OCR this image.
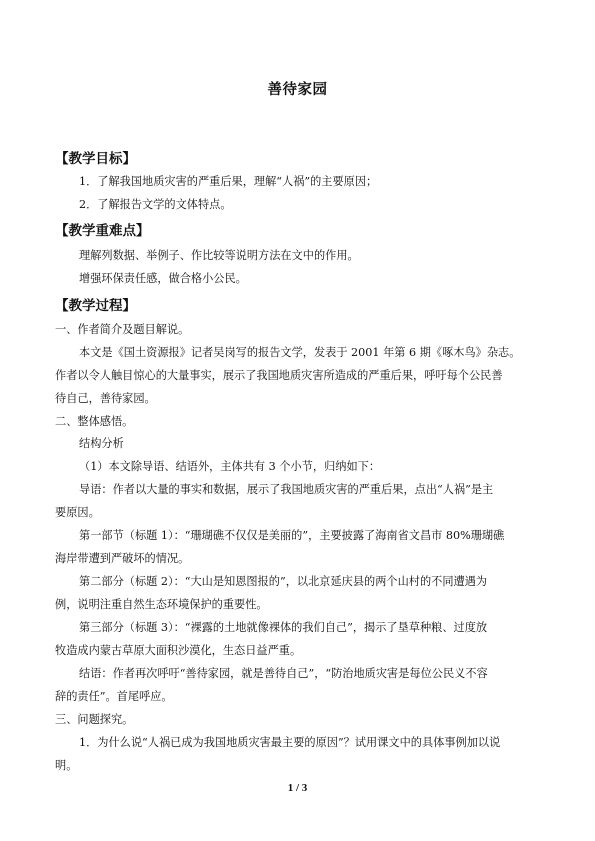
善待家园
【教学目标】
1．了解我国地质灾害的严重后果，理解“人祸”的主要原因；
2．了解报告文学的文体特点。
【教学重难点】
理解列数据、举例子、作比较等说明方法在文中的作用。
增强环保责任感，做合格小公民。
【教学过程】
一、作者简介及题目解说。
本文是《国土资源报》记者吴岗写的报告文学，发表于 2001 年第 6 期《啄木鸟》杂志。
作者以令人触目惊心的大量事实，展示了我国地质灾害所造成的严重后果，呼吁每个公民善
待自己，善待家园。
二、整体感悟。
结构分析
（1）本文除导语、结语外，主体共有 3 个小节，归纳如下：
导语：作者以大量的事实和数据，展示了我国地质灾害的严重后果，点出“人祸”是主
要原因。
第一部节（标题 1）：“珊瑚礁不仅仅是美丽的”，主要披露了海南省文昌市 80%珊瑚礁
海岸带遭到严破坏的情况。
第二部分（标题 2）：“大山是知恩图报的”，以北京延庆县的两个山村的不同遭遇为
例，说明注重自然生态环境保护的重要性。
第三部分（标题 3）：“裸露的土地就像裸体的我们自己”，揭示了垦草种粮、过度放
牧造成内蒙古草原大面积沙漠化，生态日益严重。
结语：作者再次呼吁“善待家园，就是善待自己”，“防治地质灾害是每位公民义不容
辞的责任”。首尾呼应。
三、问题探究。
1．为什么说“人祸已成为我国地质灾害最主要的原因”？试用课文中的具体事例加以说
明。
1 / 3
